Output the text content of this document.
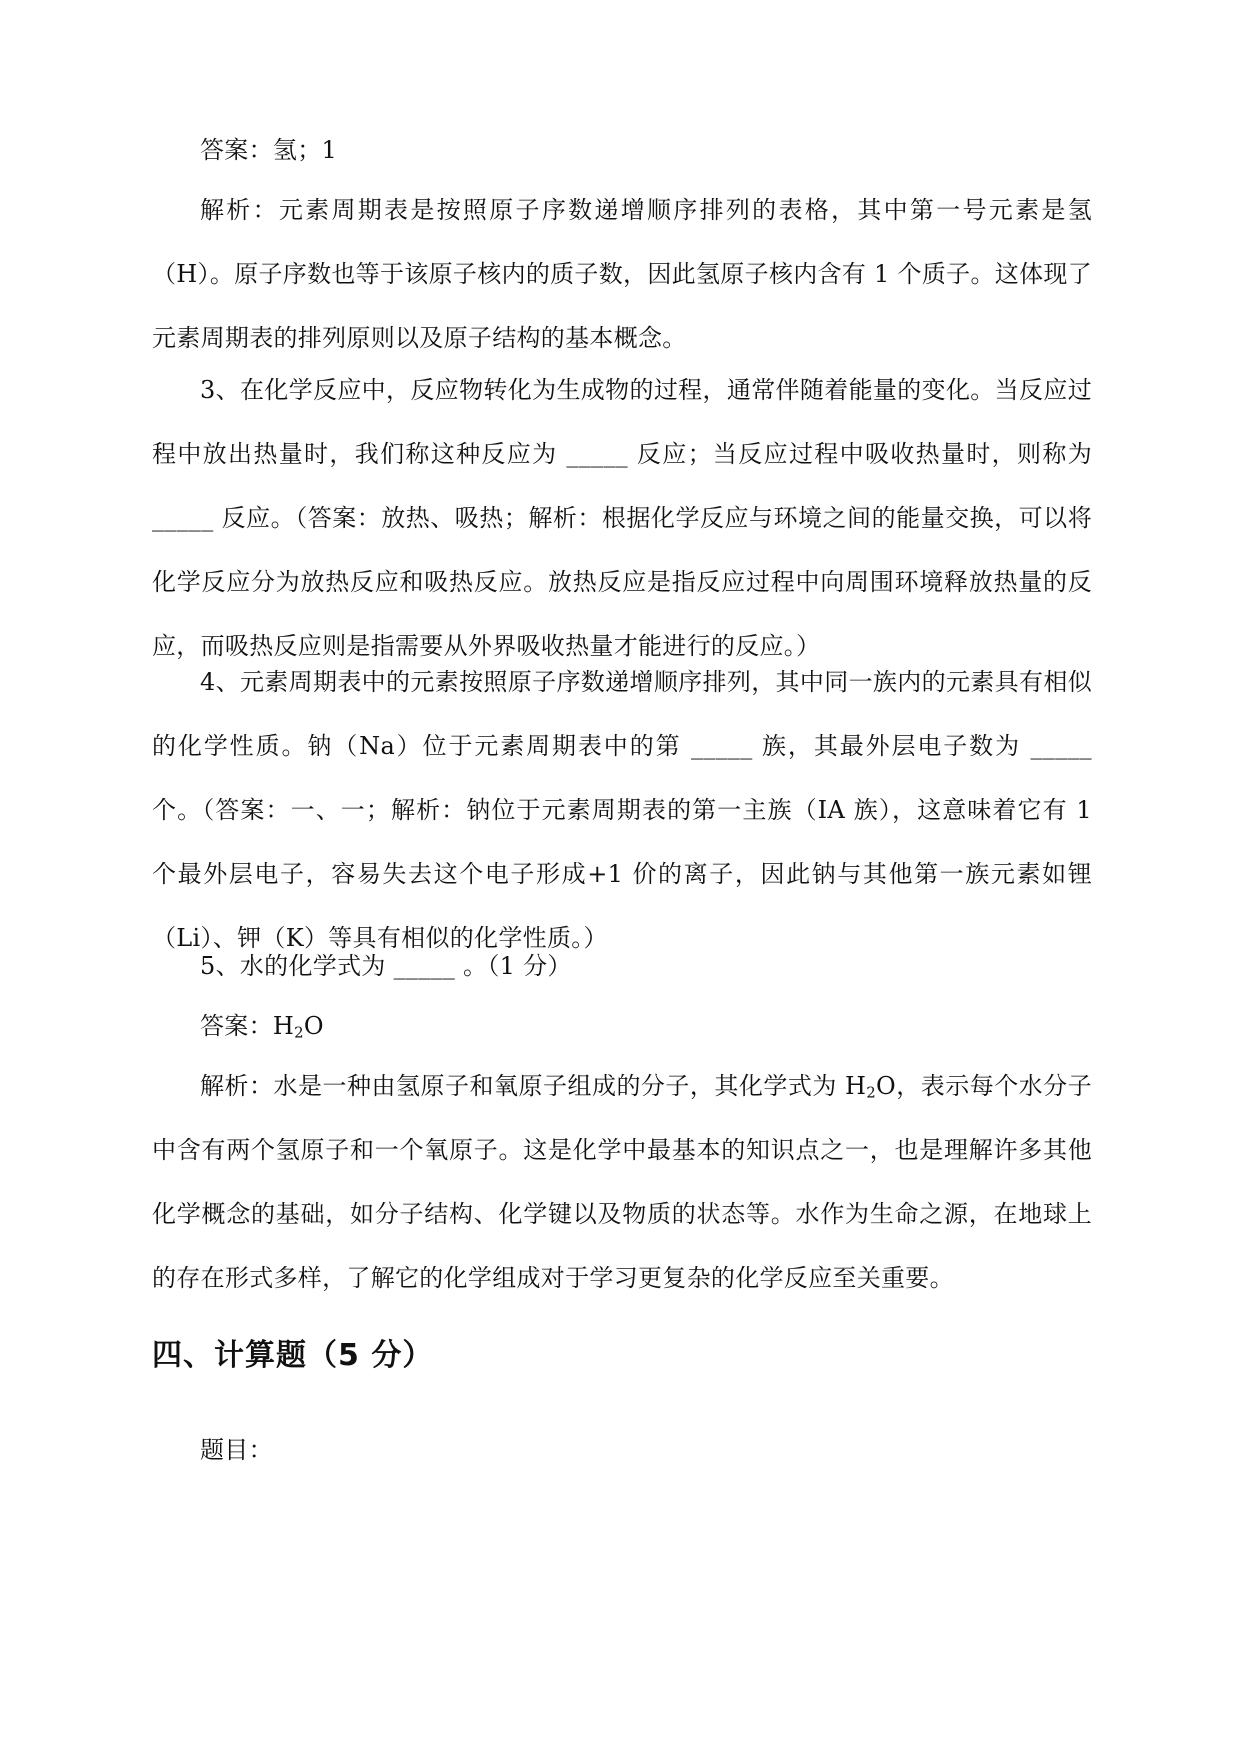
答案：氢；1

解析：元素周期表是按照原子序数递增顺序排列的表格，其中第一号元素是氢（H）。原子序数也等于该原子核内的质子数，因此氢原子核内含有 1 个质子。这体现了元素周期表的排列原则以及原子结构的基本概念。

3、在化学反应中，反应物转化为生成物的过程，通常伴随着能量的变化。当反应过程中放出热量时，我们称这种反应为 _____ 反应；当反应过程中吸收热量时，则称为 _____ 反应。（答案：放热、吸热；解析：根据化学反应与环境之间的能量交换，可以将化学反应分为放热反应和吸热反应。放热反应是指反应过程中向周围环境释放热量的反应，而吸热反应则是指需要从外界吸收热量才能进行的反应。）

4、元素周期表中的元素按照原子序数递增顺序排列，其中同一族内的元素具有相似的化学性质。钠（Na）位于元素周期表中的第 _____ 族，其最外层电子数为 _____ 个。（答案：一、一；解析：钠位于元素周期表的第一主族（IA 族），这意味着它有 1 个最外层电子，容易失去这个电子形成+1 价的离子，因此钠与其他第一族元素如锂（Li）、钾（K）等具有相似的化学性质。）

5、水的化学式为 _____ 。（1 分）

答案：$H_2O$

解析：水是一种由氢原子和氧原子组成的分子，其化学式为 $H_2O$，表示每个水分子中含有两个氢原子和一个氧原子。这是化学中最基本的知识点之一，也是理解许多其他化学概念的基础，如分子结构、化学键以及物质的状态等。水作为生命之源，在地球上的存在形式多样，了解它的化学组成对于学习更复杂的化学反应至关重要。

四、计算题（5 分）

题目：
